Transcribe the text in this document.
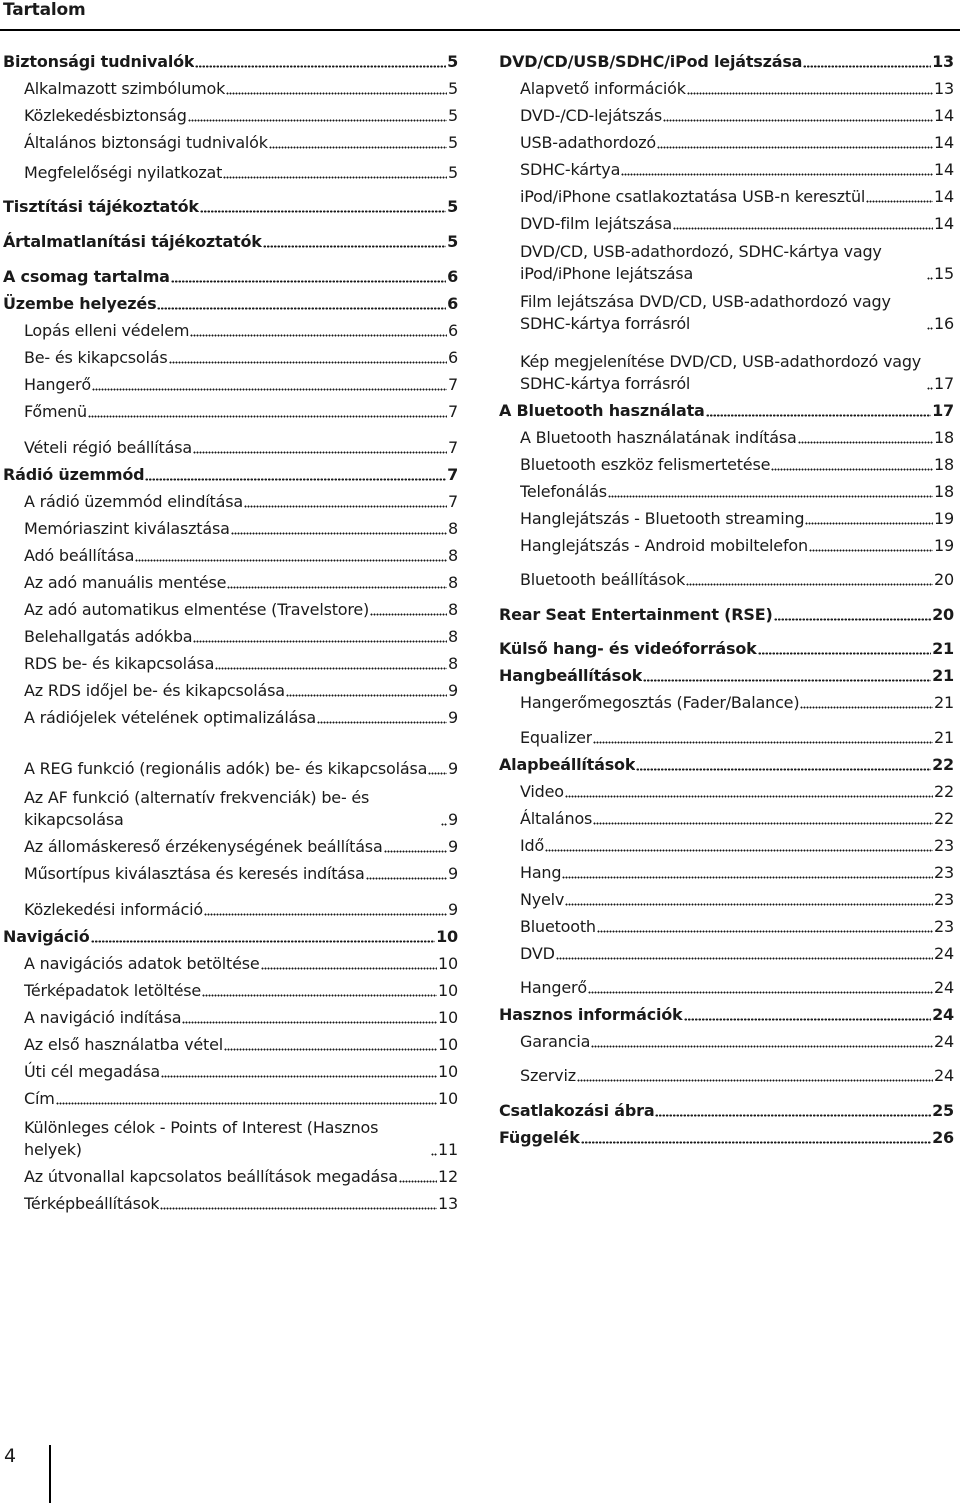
Tartalom
Biztonsági tudnivalók	5
Alkalmazott szimbólumok	5
Közlekedésbiztonság	5
Általános biztonsági tudnivalók	5
Megfelelőségi nyilatkozat	5
Tisztítási tájékoztatók	5
Ártalmatlanítási tájékoztatók	5
A csomag tartalma	6
Üzembe helyezés	6
Lopás elleni védelem	6
Be- és kikapcsolás	6
Hangerő	7
Főmenü	7
Vételi régió beállítása	7
Rádió üzemmód	7
A rádió üzemmód elindítása	7
Memóriaszint kiválasztása	8
Adó beállítása	8
Az adó manuális mentése	8
Az adó automatikus elmentése (Travelstore)	8
Belehallgatás adókba	8
RDS be- és kikapcsolása	8
Az RDS időjel be- és kikapcsolása	9
A rádiójelek vételének optimalizálása	9
A REG funkció (regionális adók) be- és kikapcsolása 9
Az AF funkció (alternatív frekvenciák) be- és kikapcsolása	9
Az állomáskereső érzékenységének beállítása	9
Műsortípus kiválasztása és keresés indítása	9
Közlekedési információ	9
Navigáció	10
A navigációs adatok betöltése	10
Térképadatok letöltése	10
A navigáció indítása	10
Az első használatba vétel	10
Úti cél megadása	10
Cím	10
Különleges célok - Points of Interest (Hasznos helyek)	11
Az útvonallal kapcsolatos beállítások megadása	12
Térképbeállítások	13
DVD/CD/USB/SDHC/iPod lejátszása	13
Alapvető információk	13
DVD-/CD-lejátszás	14
USB-adathordozó	14
SDHC-kártya	14
iPod/iPhone csatlakoztatása USB-n keresztül	14
DVD-film lejátszása	14
DVD/CD, USB-adathordozó, SDHC-kártya vagy iPod/iPhone lejátszása	15
Film lejátszása DVD/CD, USB-adathordozó vagy SDHC-kártya forrásról	16
Kép megjelenítése DVD/CD, USB-adathordozó vagy SDHC-kártya forrásról	17
A Bluetooth használata	17
A Bluetooth használatának indítása	18
Bluetooth eszköz felismertetése	18
Telefonálás	18
Hanglejátszás - Bluetooth streaming	19
Hanglejátszás - Android mobiltelefon	19
Bluetooth beállítások	20
Rear Seat Entertainment (RSE)	20
Külső hang- és videóforrások	21
Hangbeállítások	21
Hangerőmegosztás (Fader/Balance)	21
Equalizer	21
Alapbeállítások	22
Video	22
Általános	22
Idő	23
Hang	23
Nyelv	23
Bluetooth	23
DVD	24
Hangerő	24
Hasznos információk	24
Garancia	24
Szerviz	24
Csatlakozási ábra	25
Függelék	26
4
